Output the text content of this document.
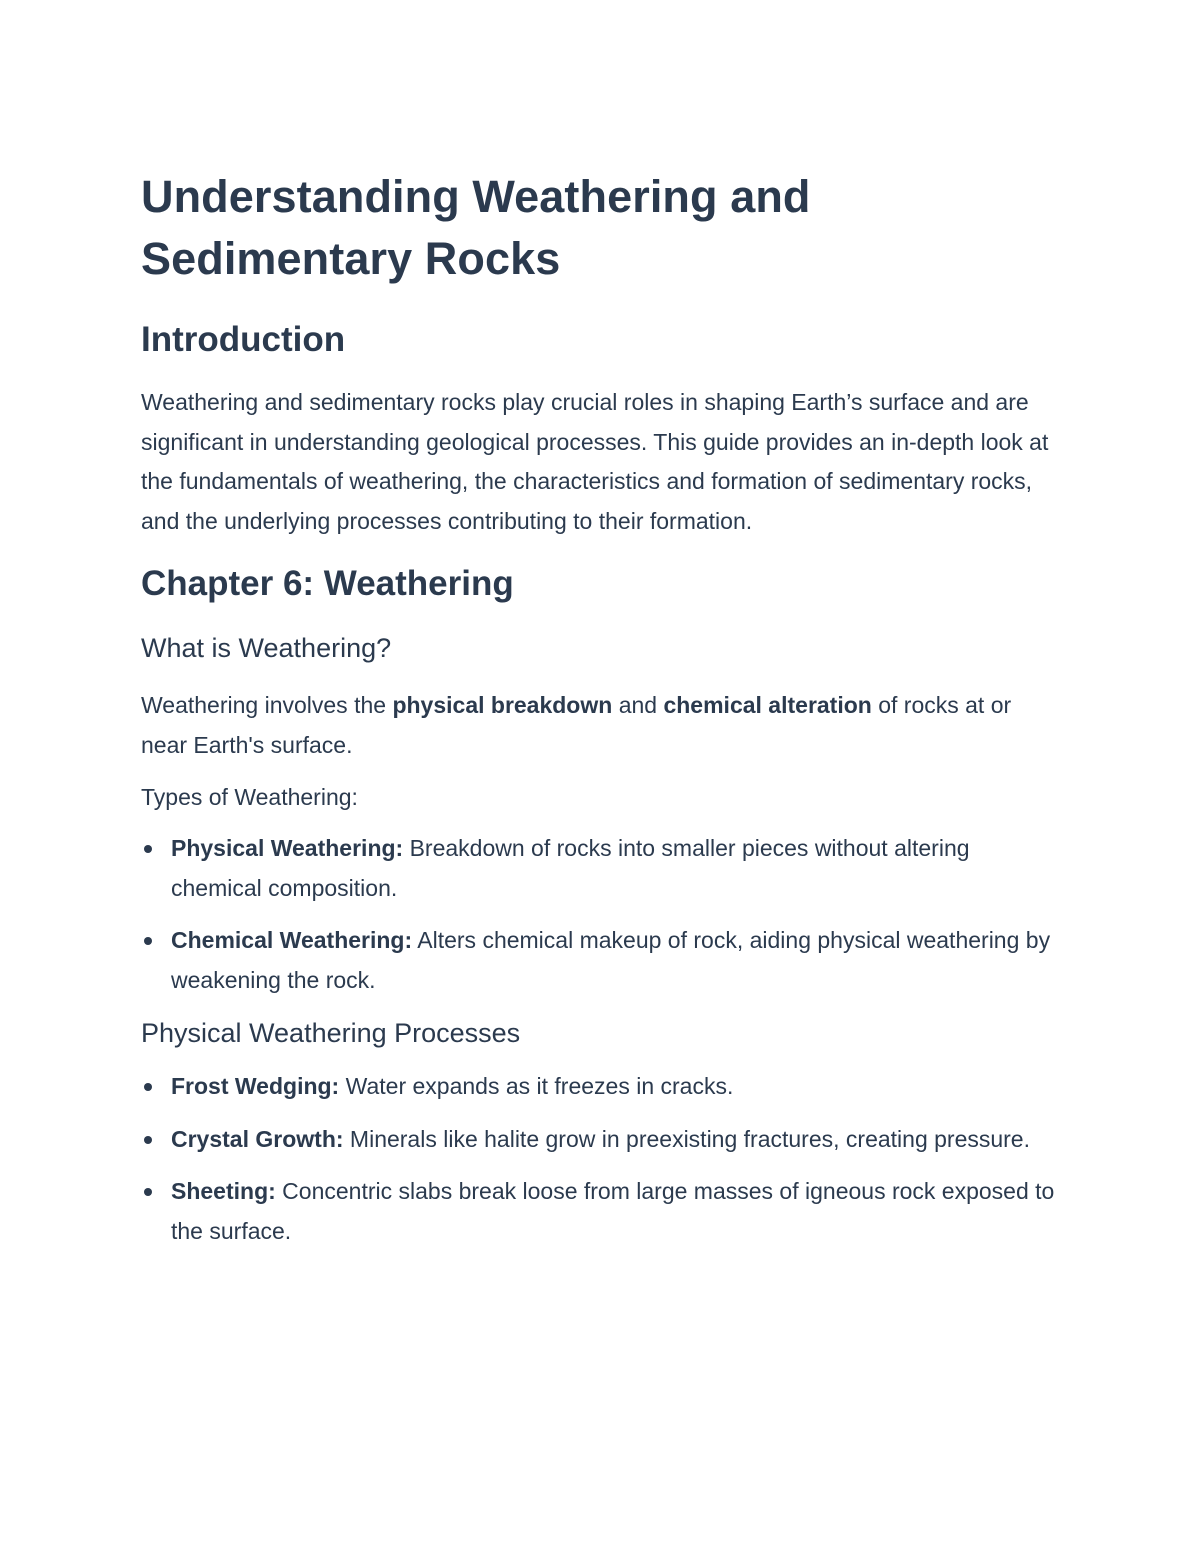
Understanding Weathering and Sedimentary Rocks
Introduction

Weathering and sedimentary rocks play crucial roles in shaping Earth’s surface and are significant in understanding geological processes. This guide provides an in-depth look at the fundamentals of weathering, the characteristics and formation of sedimentary rocks, and the underlying processes contributing to their formation.

Chapter 6: Weathering
What is Weathering?

Weathering involves the physical breakdown and chemical alteration of rocks at or near Earth's surface.

Types of Weathering:
Physical Weathering: Breakdown of rocks into smaller pieces without altering chemical composition.
Chemical Weathering: Alters chemical makeup of rock, aiding physical weathering by weakening the rock.
Physical Weathering Processes
Frost Wedging: Water expands as it freezes in cracks.
Crystal Growth: Minerals like halite grow in preexisting fractures, creating pressure.
Sheeting: Concentric slabs break loose from large masses of igneous rock exposed to the surface.
